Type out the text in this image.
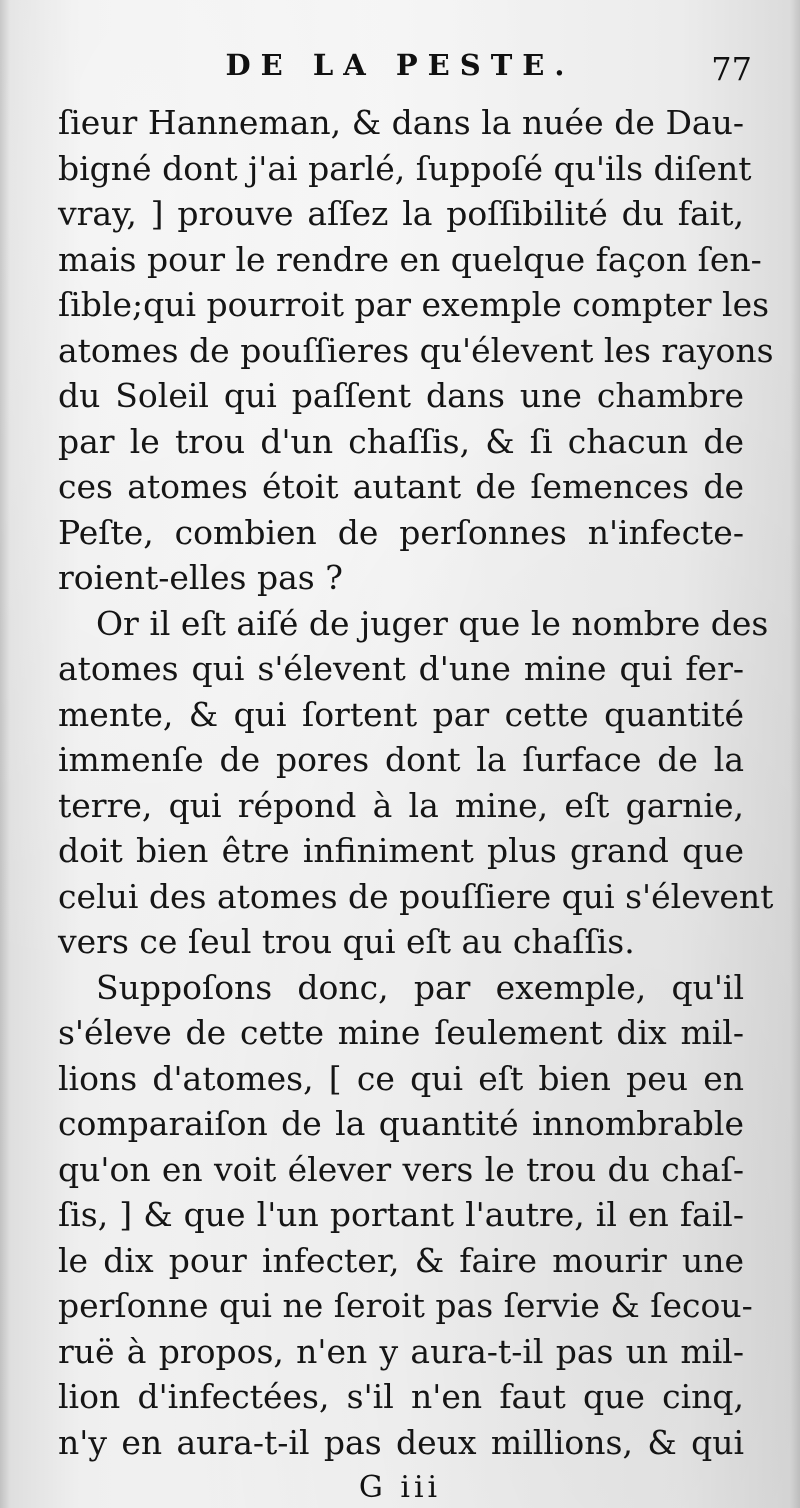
DE LA PESTE.	77
ſieur Hanneman, & dans la nuée de Dau-
bigné dont j'ai parlé, ſuppoſé qu'ils diſent
vray, ] prouve aſſez la poſſibilité du fait,
mais pour le rendre en quelque façon ſen-
ſible;qui pourroit par exemple compter les
atomes de pouſſieres qu'élevent les rayons
du Soleil qui paſſent dans une chambre
par le trou d'un chaſſis, & ſi chacun de
ces atomes étoit autant de ſemences de
Peſte, combien de perſonnes n'infecte-
roient-elles pas ?
Or il eſt aiſé de juger que le nombre des
atomes qui s'élevent d'une mine qui fer-
mente, & qui ſortent par cette quantité
immenſe de pores dont la ſurface de la
terre, qui répond à la mine, eſt garnie,
doit bien être infiniment plus grand que
celui des atomes de pouſſiere qui s'élevent
vers ce ſeul trou qui eſt au chaſſis.
Suppoſons donc, par exemple, qu'il
s'éleve de cette mine ſeulement dix mil-
lions d'atomes, [ ce qui eſt bien peu en
comparaiſon de la quantité innombrable
qu'on en voit élever vers le trou du chaſ-
ſis, ] & que l'un portant l'autre, il en fail-
le dix pour infecter, & faire mourir une
perſonne qui ne ſeroit pas ſervie & ſecou-
ruë à propos, n'en y aura-t-il pas un mil-
lion d'infectées, s'il n'en faut que cinq,
n'y en aura-t-il pas deux millions, & qui
G iii
